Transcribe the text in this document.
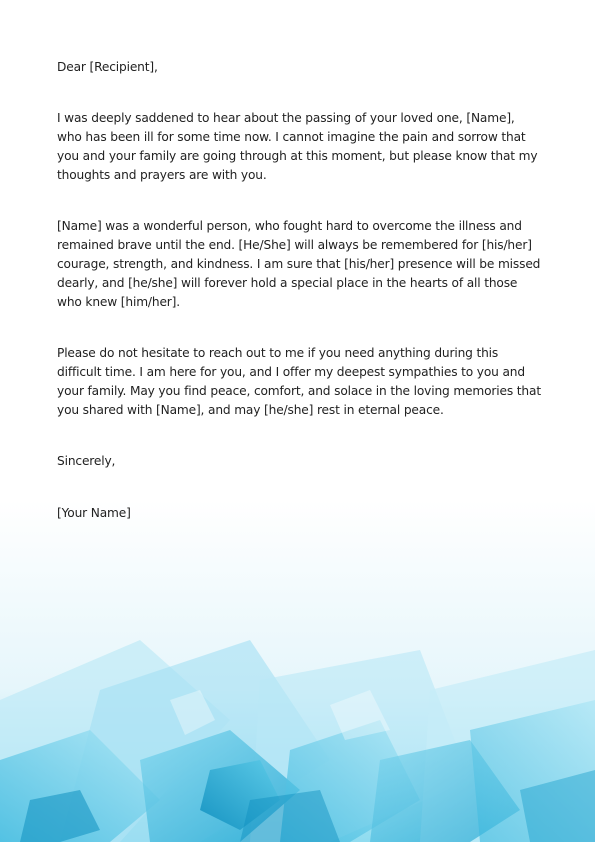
Dear [Recipient],

I was deeply saddened to hear about the passing of your loved one, [Name], who has been ill for some time now. I cannot imagine the pain and sorrow that you and your family are going through at this moment, but please know that my thoughts and prayers are with you.

[Name] was a wonderful person, who fought hard to overcome the illness and remained brave until the end. [He/She] will always be remembered for [his/her] courage, strength, and kindness. I am sure that [his/her] presence will be missed dearly, and [he/she] will forever hold a special place in the hearts of all those who knew [him/her].

Please do not hesitate to reach out to me if you need anything during this difficult time. I am here for you, and I offer my deepest sympathies to you and your family. May you find peace, comfort, and solace in the loving memories that you shared with [Name], and may [he/she] rest in eternal peace.

Sincerely,

[Your Name]
